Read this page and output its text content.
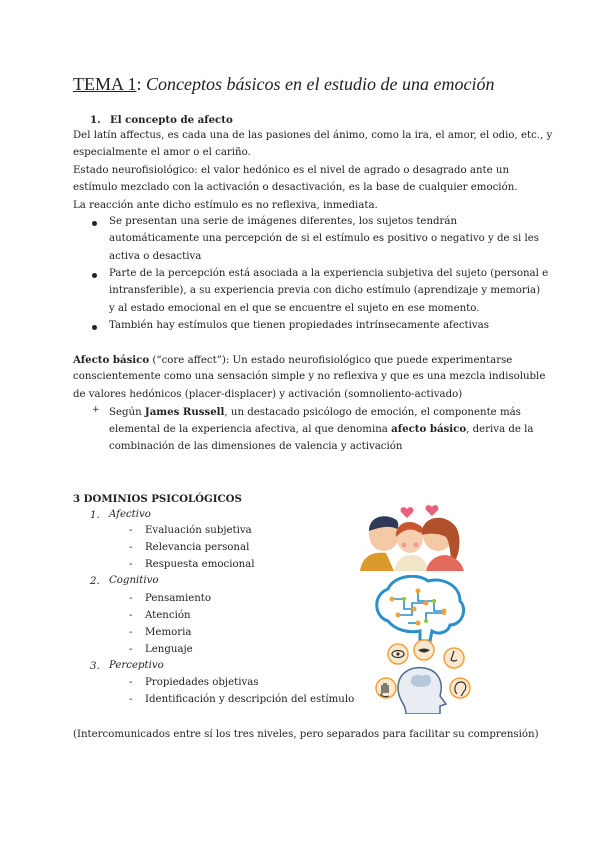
TEMA 1: Conceptos básicos en el estudio de una emoción
1. El concepto de afecto
Del latín affectus, es cada una de las pasiones del ánimo, como la ira, el amor, el odio, etc., y
especialmente el amor o el cariño.
Estado neurofisiológico: el valor hedónico es el nivel de agrado o desagrado ante un
estímulo mezclado con la activación o desactivación, es la base de cualquier emoción.
La reacción ante dicho estímulo es no reflexiva, inmediata.
Se presentan una serie de imágenes diferentes, los sujetos tendrán
automáticamente una percepción de si el estímulo es positivo o negativo y de si les
activa o desactiva
Parte de la percepción está asociada a la experiencia subjetiva del sujeto (personal e
intransferible), a su experiencia previa con dicho estímulo (aprendizaje y memoria)
y al estado emocional en el que se encuentre el sujeto en ese momento.
También hay estímulos que tienen propiedades intrínsecamente afectivas
Afecto básico (“core affect”): Un estado neurofisiológico que puede experimentarse
conscientemente como una sensación simple y no reflexiva y que es una mezcla indisoluble
de valores hedónicos (placer-displacer) y activación (somnoliento-activado)
+ Según James Russell, un destacado psicólogo de emoción, el componente más
elemental de la experiencia afectiva, al que denomina afecto básico, deriva de la
combinación de las dimensiones de valencia y activación
3 DOMINIOS PSICOLÓGICOS
1. Afectivo
- Evaluación subjetiva
- Relevancia personal
- Respuesta emocional
2. Cognitivo
- Pensamiento
- Atención
- Memoria
- Lenguaje
3. Perceptivo
- Propiedades objetivas
- Identificación y descripción del estímulo
(Intercomunicados entre sí los tres niveles, pero separados para facilitar su comprensión)
